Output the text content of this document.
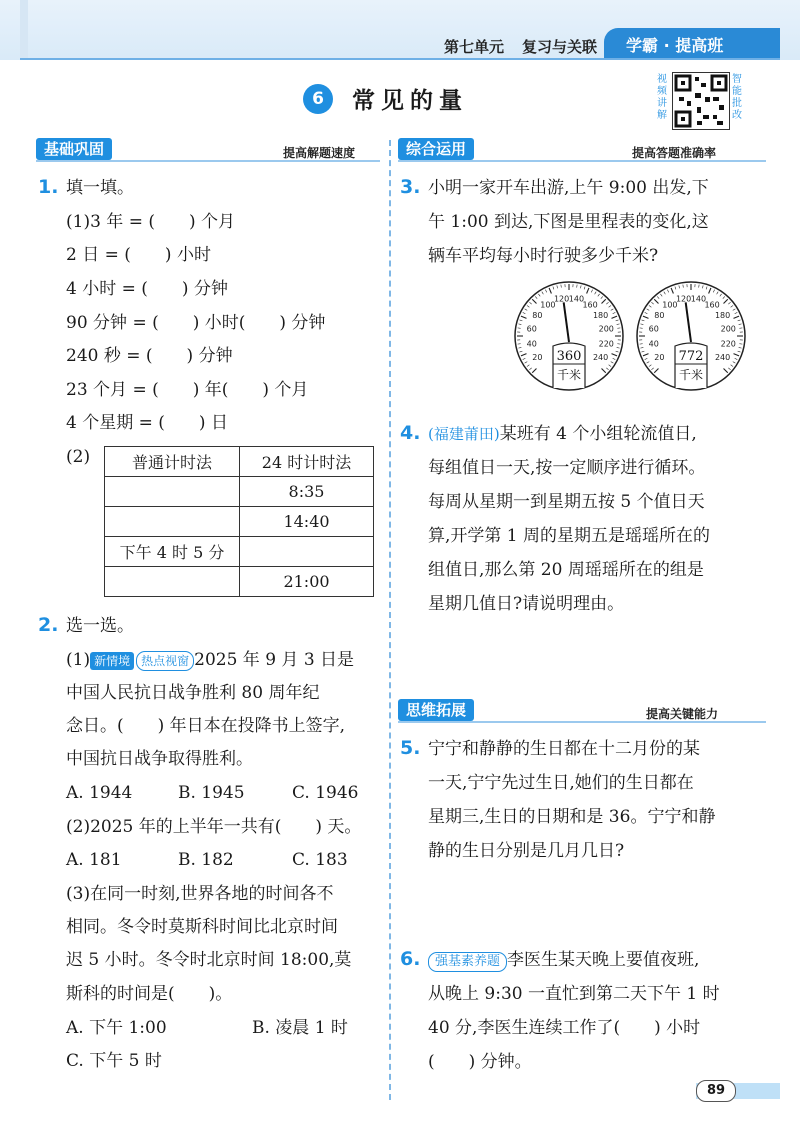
第七单元 复习与关联 学霸 · 提高班
6	常见的量
视频讲解
智能批改
基础巩固	提高解题速度
1. 填一填。
(1)3 年 = (　　) 个月
2 日 = (　　) 小时
4 小时 = (　　) 分钟
90 分钟 = (　　) 小时(　　) 分钟
240 秒 = (　　) 分钟
23 个月 = (　　) 年(　　) 个月
4 个星期 = (　　) 日
(2)	普通计时法	24 时计时法
	8:35
	14:40
下午 4 时 5 分	
	21:00
2. 选一选。
(1) 新情境 热点视窗 2025 年 9 月 3 日是
中国人民抗日战争胜利 80 周年纪
念日。(　　) 年日本在投降书上签字,
中国抗日战争取得胜利。
A. 1944	B. 1945	C. 1946
(2)2025 年的上半年一共有(　　) 天。
A. 181	B. 182	C. 183
(3)在同一时刻,世界各地的时间各不
相同。冬令时莫斯科时间比北京时间
迟 5 小时。冬令时北京时间 18:00,莫
斯科的时间是(　　)。
A. 下午 1:00	B. 凌晨 1 时
C. 下午 5 时
综合运用	提高答题准确率
3. 小明一家开车出游,上午 9:00 出发,下
午 1:00 到达,下图是里程表的变化,这
辆车平均每小时行驶多少千米?
20
40
60
80
100
120 140
160
180
200
220
240
360
千米
20
40
60
80
100
120 140
160
180
200
220
240
772
千米
4. (福建莆田)某班有 4 个小组轮流值日,
每组值日一天,按一定顺序进行循环。
每周从星期一到星期五按 5 个值日天
算,开学第 1 周的星期五是瑶瑶所在的
组值日,那么第 20 周瑶瑶所在的组是
星期几值日?请说明理由。
思维拓展	提高关键能力
5. 宁宁和静静的生日都在十二月份的某
一天,宁宁先过生日,她们的生日都在
星期三,生日的日期和是 36。宁宁和静
静的生日分别是几月几日?
6.	强基素养题 李医生某天晚上要值夜班,
从晚上 9:30 一直忙到第二天下午 1 时
40 分,李医生连续工作了(　　) 小时
(　　) 分钟。
89
